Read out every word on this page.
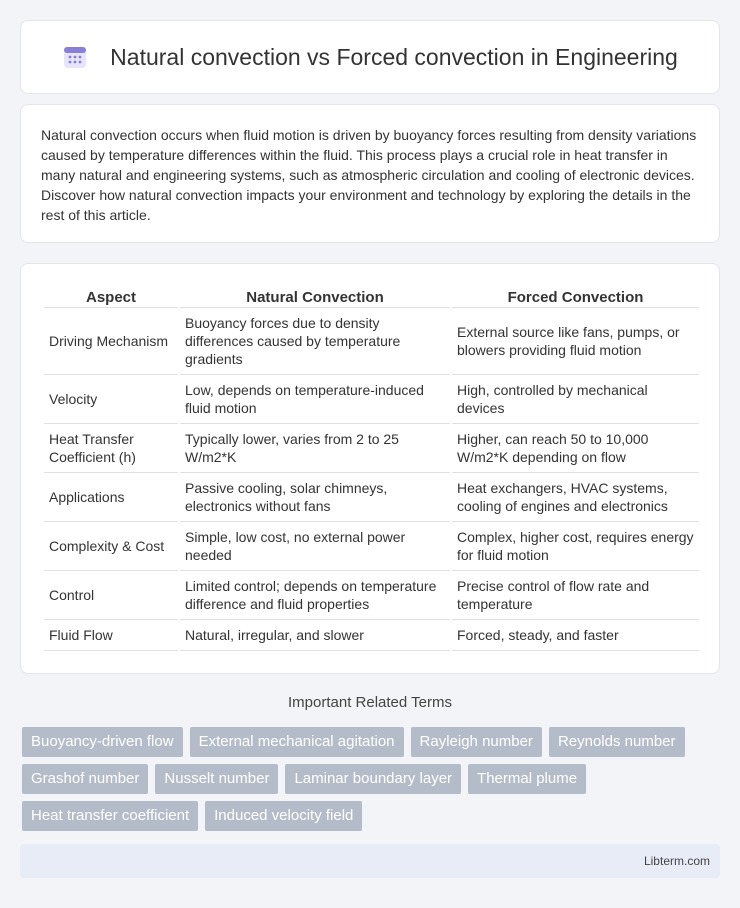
Natural convection vs Forced convection in Engineering

Natural convection occurs when fluid motion is driven by buoyancy forces resulting from density variations caused by temperature differences within the fluid. This process plays a crucial role in heat transfer in many natural and engineering systems, such as atmospheric circulation and cooling of electronic devices. Discover how natural convection impacts your environment and technology by exploring the details in the rest of this article.

Aspect	Natural Convection	Forced Convection
Driving Mechanism	Buoyancy forces due to density differences caused by temperature gradients	External source like fans, pumps, or blowers providing fluid motion
Velocity	Low, depends on temperature-induced fluid motion	High, controlled by mechanical devices
Heat Transfer Coefficient (h)	Typically lower, varies from 2 to 25 W/m2*K	Higher, can reach 50 to 10,000 W/m2*K depending on flow
Applications	Passive cooling, solar chimneys, electronics without fans	Heat exchangers, HVAC systems, cooling of engines and electronics
Complexity & Cost	Simple, low cost, no external power needed	Complex, higher cost, requires energy for fluid motion
Control	Limited control; depends on temperature difference and fluid properties	Precise control of flow rate and temperature
Fluid Flow	Natural, irregular, and slower	Forced, steady, and faster
Important Related Terms
Buoyancy-driven flow	External mechanical agitation	Rayleigh number	Reynolds number
Grashof number	Nusselt number	Laminar boundary layer	Thermal plume
Heat transfer coefficient	Induced velocity field
Libterm.com
